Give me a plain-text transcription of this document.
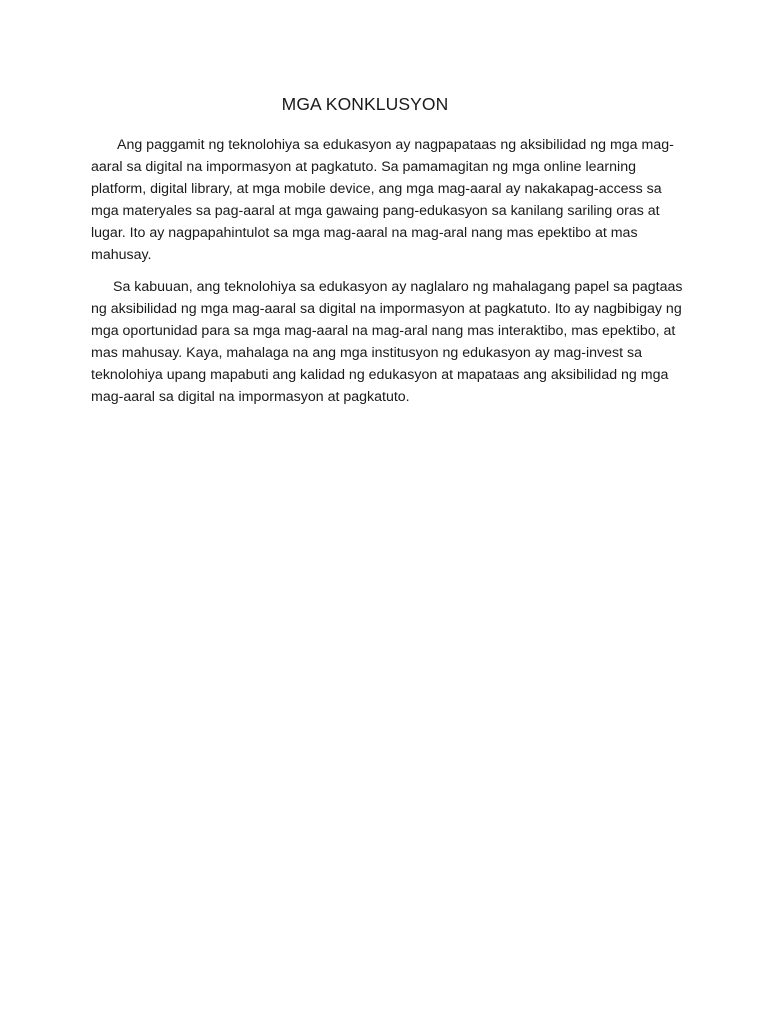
MGA KONKLUSYON

Ang paggamit ng teknolohiya sa edukasyon ay nagpapataas ng aksibilidad ng mga mag-aaral sa digital na impormasyon at pagkatuto. Sa pamamagitan ng mga online learning platform, digital library, at mga mobile device, ang mga mag-aaral ay nakakapag-access sa mga materyales sa pag-aaral at mga gawaing pang-edukasyon sa kanilang sariling oras at lugar. Ito ay nagpapahintulot sa mga mag-aaral na mag-aral nang mas epektibo at mas mahusay.

Sa kabuuan, ang teknolohiya sa edukasyon ay naglalaro ng mahalagang papel sa pagtaas ng aksibilidad ng mga mag-aaral sa digital na impormasyon at pagkatuto. Ito ay nagbibigay ng mga oportunidad para sa mga mag-aaral na mag-aral nang mas interaktibo, mas epektibo, at mas mahusay. Kaya, mahalaga na ang mga institusyon ng edukasyon ay mag-invest sa teknolohiya upang mapabuti ang kalidad ng edukasyon at mapataas ang aksibilidad ng mga mag-aaral sa digital na impormasyon at pagkatuto.
